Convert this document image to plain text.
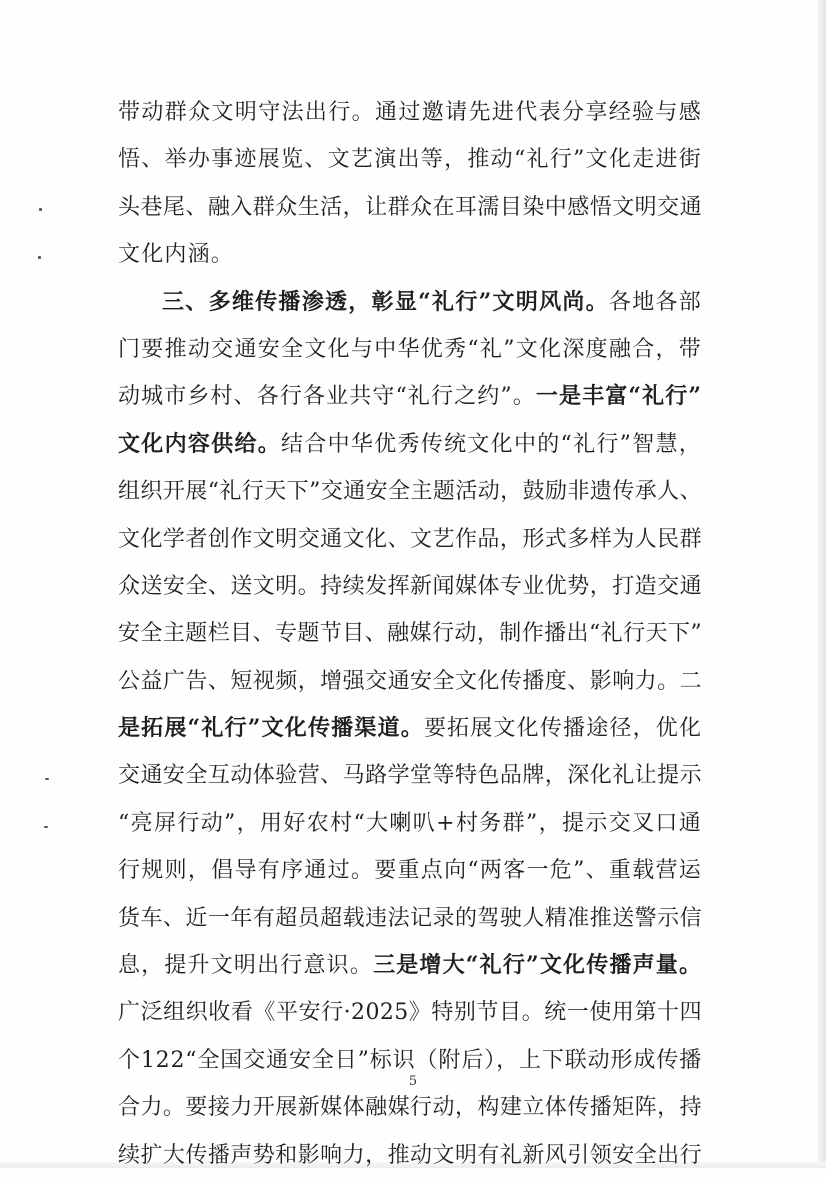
带动群众文明守法出行。通过邀请先进代表分享经验与感
悟、举办事迹展览、文艺演出等，推动“礼行”文化走进街
头巷尾、融入群众生活，让群众在耳濡目染中感悟文明交通
文化内涵。
三、多维传播渗透，彰显“礼行”文明风尚。各地各部
门要推动交通安全文化与中华优秀“礼”文化深度融合，带
动城市乡村、各行各业共守“礼行之约”。一是丰富“礼行”
文化内容供给。结合中华优秀传统文化中的“礼行”智慧，
组织开展“礼行天下”交通安全主题活动，鼓励非遗传承人、
文化学者创作文明交通文化、文艺作品，形式多样为人民群
众送安全、送文明。持续发挥新闻媒体专业优势，打造交通
安全主题栏目、专题节目、融媒行动，制作播出“礼行天下”
公益广告、短视频，增强交通安全文化传播度、影响力。二
是拓展“礼行”文化传播渠道。要拓展文化传播途径，优化
交通安全互动体验营、马路学堂等特色品牌，深化礼让提示
“亮屏行动”，用好农村“大喇叭+村务群”，提示交叉口通
行规则，倡导有序通过。要重点向“两客一危”、重载营运
货车、近一年有超员超载违法记录的驾驶人精准推送警示信
息，提升文明出行意识。三是增大“礼行”文化传播声量。
广泛组织收看《平安行·2025》特别节目。统一使用第十四
个122“全国交通安全日”标识（附后），上下联动形成传播
合力。要接力开展新媒体融媒行动，构建立体传播矩阵，持
续扩大传播声势和影响力，推动文明有礼新风引领安全出行
5
